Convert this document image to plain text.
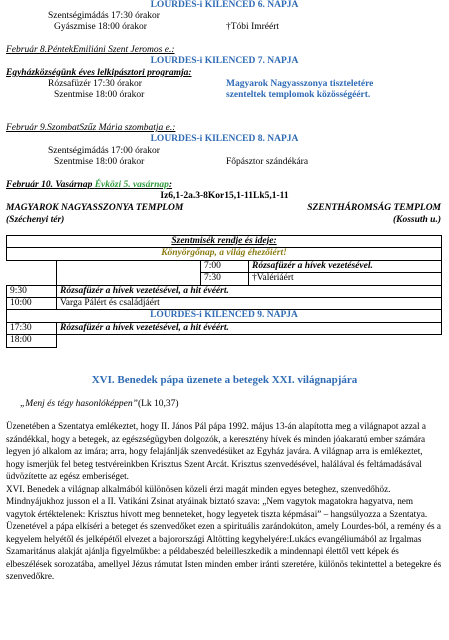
LOURDES-i KILENCED 6. NAPJA
Szentségimádás 17:30 órakor
Gyászmise 18:00 órakor	†Tóbi Imréért
Február 8.PéntekEmiliáni Szent Jeromos e.:
LOURDES-i KILENCED 7. NAPJA
Egyházközségünk éves lelkipásztori programja:
Rózsafüzér 17:30 órakor	Magyarok Nagyasszonya tiszteletére
Szentmise 18:00 órakor	szenteltek templomok közösségéért.
Február 9.SzombatSzűz Mária szombatja e.:
LOURDES-i KILENCED 8. NAPJA
Szentségimádás 17:00 órakor
Szentmise 18:00 órakor	Főpásztor szándékára
Február 10. Vasárnap Évközi 5. vasárnap:
Iz6,1-2a.3-8Kor15,1-11Lk5,1-11
MAGYAROK NAGYASSZONYA TEMPLOM	SZENTHÁROMSÁG TEMPLOM
(Széchenyi tér)	(Kossuth u.)
Szentmisék rendje és ideje:			
Könyörgőnap, a világ éhezőiért!			
		7:00	Rózsafüzér a hívek vezetésével.
		7:30	†Valériáért
9:30	Rózsafüzér a hívek vezetésével, a hit évéért.		
10:00	Varga Pálért és családjáért		
LOURDES-i KILENCED 9. NAPJA			
17:30	Rózsafüzér a hívek vezetésével, a hit évéért.		
18:00			
XVI. Benedek pápa üzenete a betegek XXI. világnapjára
„Menj és tégy hasonlóképpen”(Lk 10,37)

Üzenetében a Szentatya emlékeztet, hogy II. János Pál pápa 1992. május 13-án alapította meg a világnapot azzal a szándékkal, hogy a betegek, az egészségügyben dolgozók, a keresztény hívek és minden jóakaratú ember számára legyen jó alkalom az imára; arra, hogy felajánlják szenvedésüket az Egyház javára. A világnap arra is emlékeztet, hogy ismerjük fel beteg testvéreinkben Krisztus Szent Arcát. Krisztus szenvedésével, halálával és feltámadásával üdvözítette az egész emberiséget.

XVI. Benedek a világnap alkalmából különösen közeli érzi magát minden egyes beteghez, szenvedőhöz. Mindnyájukhoz jusson el a II. Vatikáni Zsinat atyáinak biztató szava: „Nem vagytok magatokra hagyatva, nem vagytok értéktelenek: Krisztus hívott meg benneteket, hogy legyetek tiszta képmásai” – hangsúlyozza a Szentatya.

Üzenetével a pápa elkíséri a beteget és szenvedőket ezen a spirituális zarándokúton, amely Lourdes-ból, a remény és a kegyelem helyétől és jelképétől elvezet a bajorországi Altötting kegyhelyére:Lukács evangéliumából az Irgalmas Szamaritánus alakját ajánlja figyelműkbe: a példabeszéd beleilleszkedik a mindennapi élettől vett képek és elbeszélések sorozatába, amellyel Jézus rámutat Isten minden ember iránti szeretére, különös tekintettel a betegekre és szenvedőkre.
